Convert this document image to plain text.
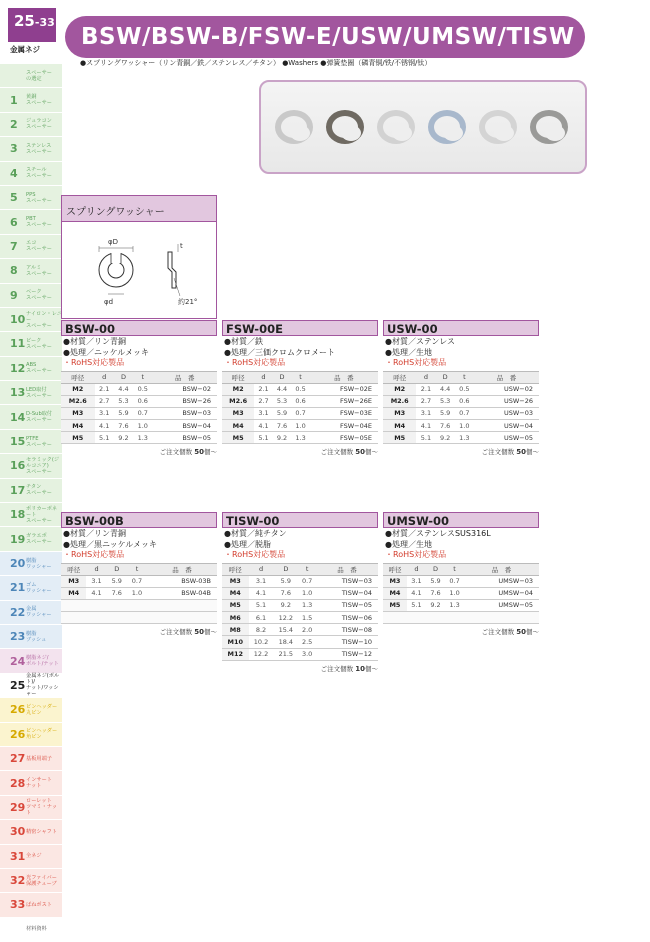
25-33
金属ネジ	BSW/BSW-B/FSW-E/USW/UMSW/TISW
●スプリングワッシャー（リン青銅／鉄／ステンレス／チタン） ●Washers ●弹簧垫圈（磷青铜/铁/不锈钢/钛）
スペーサー
の選定
1	黄銅
スペーサー
2	ジュラコン
スペーサー
3	ステンレス
スペーサー
4	スチール
スペーサー
5	PPS
スペーサー
6	PBT
スペーサー
7	エコ
スペーサー
8	アルミ
スペーサー
9	ベーク
スペーサー
10 ナイロン・レニー
スペーサー
11 ピーク
スペーサー
12 ABS
スペーサー
13 LED取付
スペーサー
14 D-Sub取付
スペーサー
15 PTFE
スペーサー
16 セラミック(ジルコニア)
スペーサー
17 チタン
スペーサー
18 ポリカーボネート
スペーサー
19 ガラエポ
スペーサー
20 樹脂
ワッシャー
21 ゴム
ワッシャー
22 金属
ワッシャー
23 樹脂
ブッシュ
24 樹脂ネジ/
ボルト/ナット
25
金属ネジ(ボルト)/
ナット/ワッシャー
26 ピンヘッダー
丸ピン
26 ピンヘッダー
角ピン
27 基板用端子
28 インサート
ナット
29 ローレット
ツマミ・ナット
30 精密シャフト
31 全ネジ
32 光ファイバー
保護チューブ
33 ばねポスト
材料資料
スプリングワッシャー
φD
φd
t
約21°
BSW-00
●材質／リン青銅
●処理／ニッケルメッキ
・RoHS対応製品
呼径	d	D	t	品　番
M2	2.1	4.4	0.5	BSW−02
M2.6	2.7	5.3	0.6	BSW−26
M3	3.1	5.9	0.7	BSW−03
M4	4.1	7.6	1.0	BSW−04
M5	5.1	9.2	1.3	BSW−05
ご注文個数 50個〜
FSW-00E
●材質／鉄
●処理／三価クロムクロメート
・RoHS対応製品
呼径	d	D	t	品　番
M2	2.1	4.4	0.5	FSW−02E
M2.6	2.7	5.3	0.6	FSW−26E
M3	3.1	5.9	0.7	FSW−03E
M4	4.1	7.6	1.0	FSW−04E
M5	5.1	9.2	1.3	FSW−05E
ご注文個数 50個〜
USW-00
●材質／ステンレス
●処理／生地
・RoHS対応製品
呼径	d	D	t	品　番
M2	2.1	4.4	0.5	USW−02
M2.6	2.7	5.3	0.6	USW−26
M3	3.1	5.9	0.7	USW−03
M4	4.1	7.6	1.0	USW−04
M5	5.1	9.2	1.3	USW−05
ご注文個数 50個〜
BSW-00B
●材質／リン青銅
●処理／黒ニッケルメッキ
・RoHS対応製品
呼径	d	D	t	品　番
M3	3.1	5.9	0.7	BSW-03B
M4	4.1	7.6	1.0	BSW-04B

ご注文個数 50個〜
TISW-00
●材質／純チタン
●処理／脱脂
・RoHS対応製品
呼径	d	D	t	品　番
M3	3.1	5.9	0.7	TISW−03
M4	4.1	7.6	1.0	TISW−04
M5	5.1	9.2	1.3	TISW−05
M6	6.1	12.2	1.5	TISW−06
M8	8.2	15.4	2.0	TISW−08
M10	10.2	18.4	2.5	TISW−10
M12	12.2	21.5	3.0	TISW−12
ご注文個数 10個〜
UMSW-00
●材質／ステンレスSUS316L
●処理／生地
・RoHS対応製品
呼径	d	D	t	品　番
M3	3.1	5.9	0.7	UMSW−03
M4	4.1	7.6	1.0	UMSW−04
M5	5.1	9.2	1.3	UMSW−05

ご注文個数 50個〜
